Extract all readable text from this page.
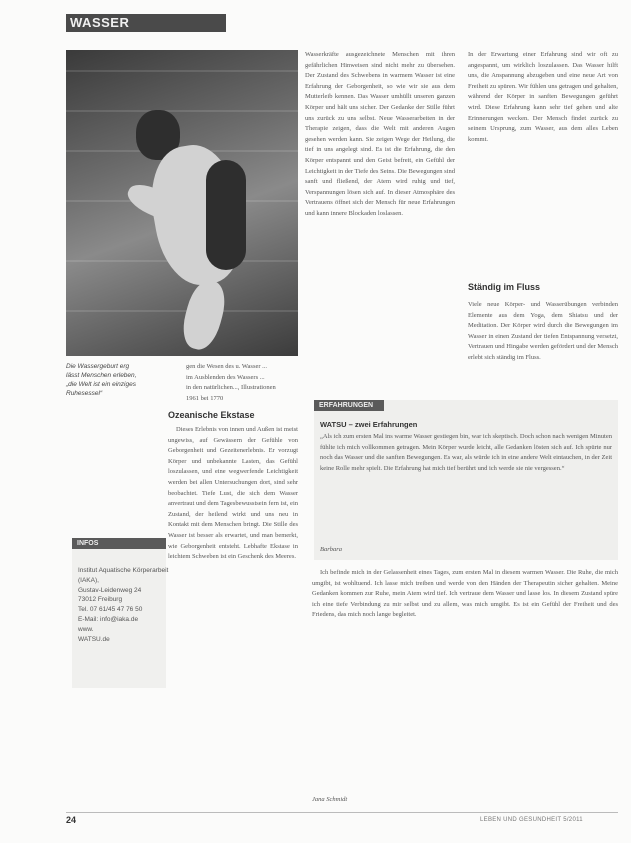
WASSER
Die Wassergeburt erg
lässt Menschen erleben,
„die Welt ist ein einziges
Ruhesessel“
gen die Wesen des u. Wasser ...
im Ausblenden des Wassers ...
in den natürlichen..., Illustrationen
1961 bei 1770
Ozeanische Ekstase

Dieses Erlebnis von innen und Außen ist meist ungewiss, auf Gewässern der Gefühle von Geborgenheit und Gezeitenerlebnis. Er vorzugt Körper und unbekannte Lasten, das Gefühl loszulassen, und eine wegwerfende Leichtigkeit werden bei allen Untersuchungen dort, sind sehr beobachtet. Tiefe Lust, die sich dem Wasser anvertraut und dem Tagesbewusstsein fern ist, ein Zustand, der heilend wirkt und uns neu in Kontakt mit dem Menschen bringt. Die Stille des Wasser ist besser als erwartet, und man bemerkt, wie Geborgenheit entsteht. Lebhafte Ekstase in leichtem Schweben ist ein Geschenk des Meeres.

INFOS
Institut Aquatische Körperarbeit
(IAKA),
Gustav-Leidenweg 24
73012 Freiburg
Tel. 07 61/45 47 76 50
E-Mail: info@iaka.de
www.
WATSU.de

Wasserkräfte ausgezeichnete Menschen mit ihren gefährlichen Hinweisen sind nicht mehr zu übersehen. Der Zustand des Schwebens in warmem Wasser ist eine Erfahrung der Geborgenheit, so wie wir sie aus dem Mutterleib kennen. Das Wasser umhüllt unseren ganzen Körper und hält uns sicher. Der Gedanke der Stille führt uns zurück zu uns selbst. Neue Wasserarbeiten in der Therapie zeigen, dass die Welt mit anderen Augen gesehen werden kann. Sie zeigen Wege der Heilung, die tief in uns angelegt sind. Es ist die Erfahrung, die den Körper entspannt und den Geist befreit, ein Gefühl der Leichtigkeit in der Tiefe des Seins. Die Bewegungen sind sanft und fließend, der Atem wird ruhig und tief, Verspannungen lösen sich auf. In dieser Atmosphäre des Vertrauens öffnet sich der Mensch für neue Erfahrungen und kann innere Blockaden loslassen.

In der Erwartung einer Erfahrung sind wir oft zu angespannt, um wirklich loszulassen. Das Wasser hilft uns, die Anspannung abzugeben und eine neue Art von Freiheit zu spüren. Wir fühlen uns getragen und gehalten, während der Körper in sanften Bewegungen geführt wird. Diese Erfahrung kann sehr tief gehen und alte Erinnerungen wecken. Der Mensch findet zurück zu seinem Ursprung, zum Wasser, aus dem alles Leben kommt.

Ständig im Fluss

Viele neue Körper- und Wasserübungen verbinden Elemente aus dem Yoga, dem Shiatsu und der Meditation. Der Körper wird durch die Bewegungen im Wasser in einen Zustand der tiefen Entspannung versetzt, Vertrauen und Hingabe werden gefördert und der Mensch erlebt sich ständig im Fluss.

ERFAHRUNGEN
WATSU – zwei Erfahrungen

„Als ich zum ersten Mal ins warme Wasser gestiegen bin, war ich skeptisch. Doch schon nach wenigen Minuten fühlte ich mich vollkommen getragen. Mein Körper wurde leicht, alle Gedanken lösten sich auf. Ich spürte nur noch das Wasser und die sanften Bewegungen. Es war, als würde ich in eine andere Welt eintauchen, in der Zeit keine Rolle mehr spielt. Die Erfahrung hat mich tief berührt und ich werde sie nie vergessen.“

Barbara

Ich befinde mich in der Gelassenheit eines Tages, zum ersten Mal in diesem warmen Wasser. Die Ruhe, die mich umgibt, ist wohltuend. Ich lasse mich treiben und werde von den Händen der Therapeutin sicher gehalten. Meine Gedanken kommen zur Ruhe, mein Atem wird tief. Ich vertraue dem Wasser und lasse los. In diesem Zustand spüre ich eine tiefe Verbindung zu mir selbst und zu allem, was mich umgibt. Es ist ein Gefühl der Freiheit und des Friedens, das mich noch lange begleitet.

Jana Schmidt
24	LEBEN UND GESUNDHEIT 5/2011
